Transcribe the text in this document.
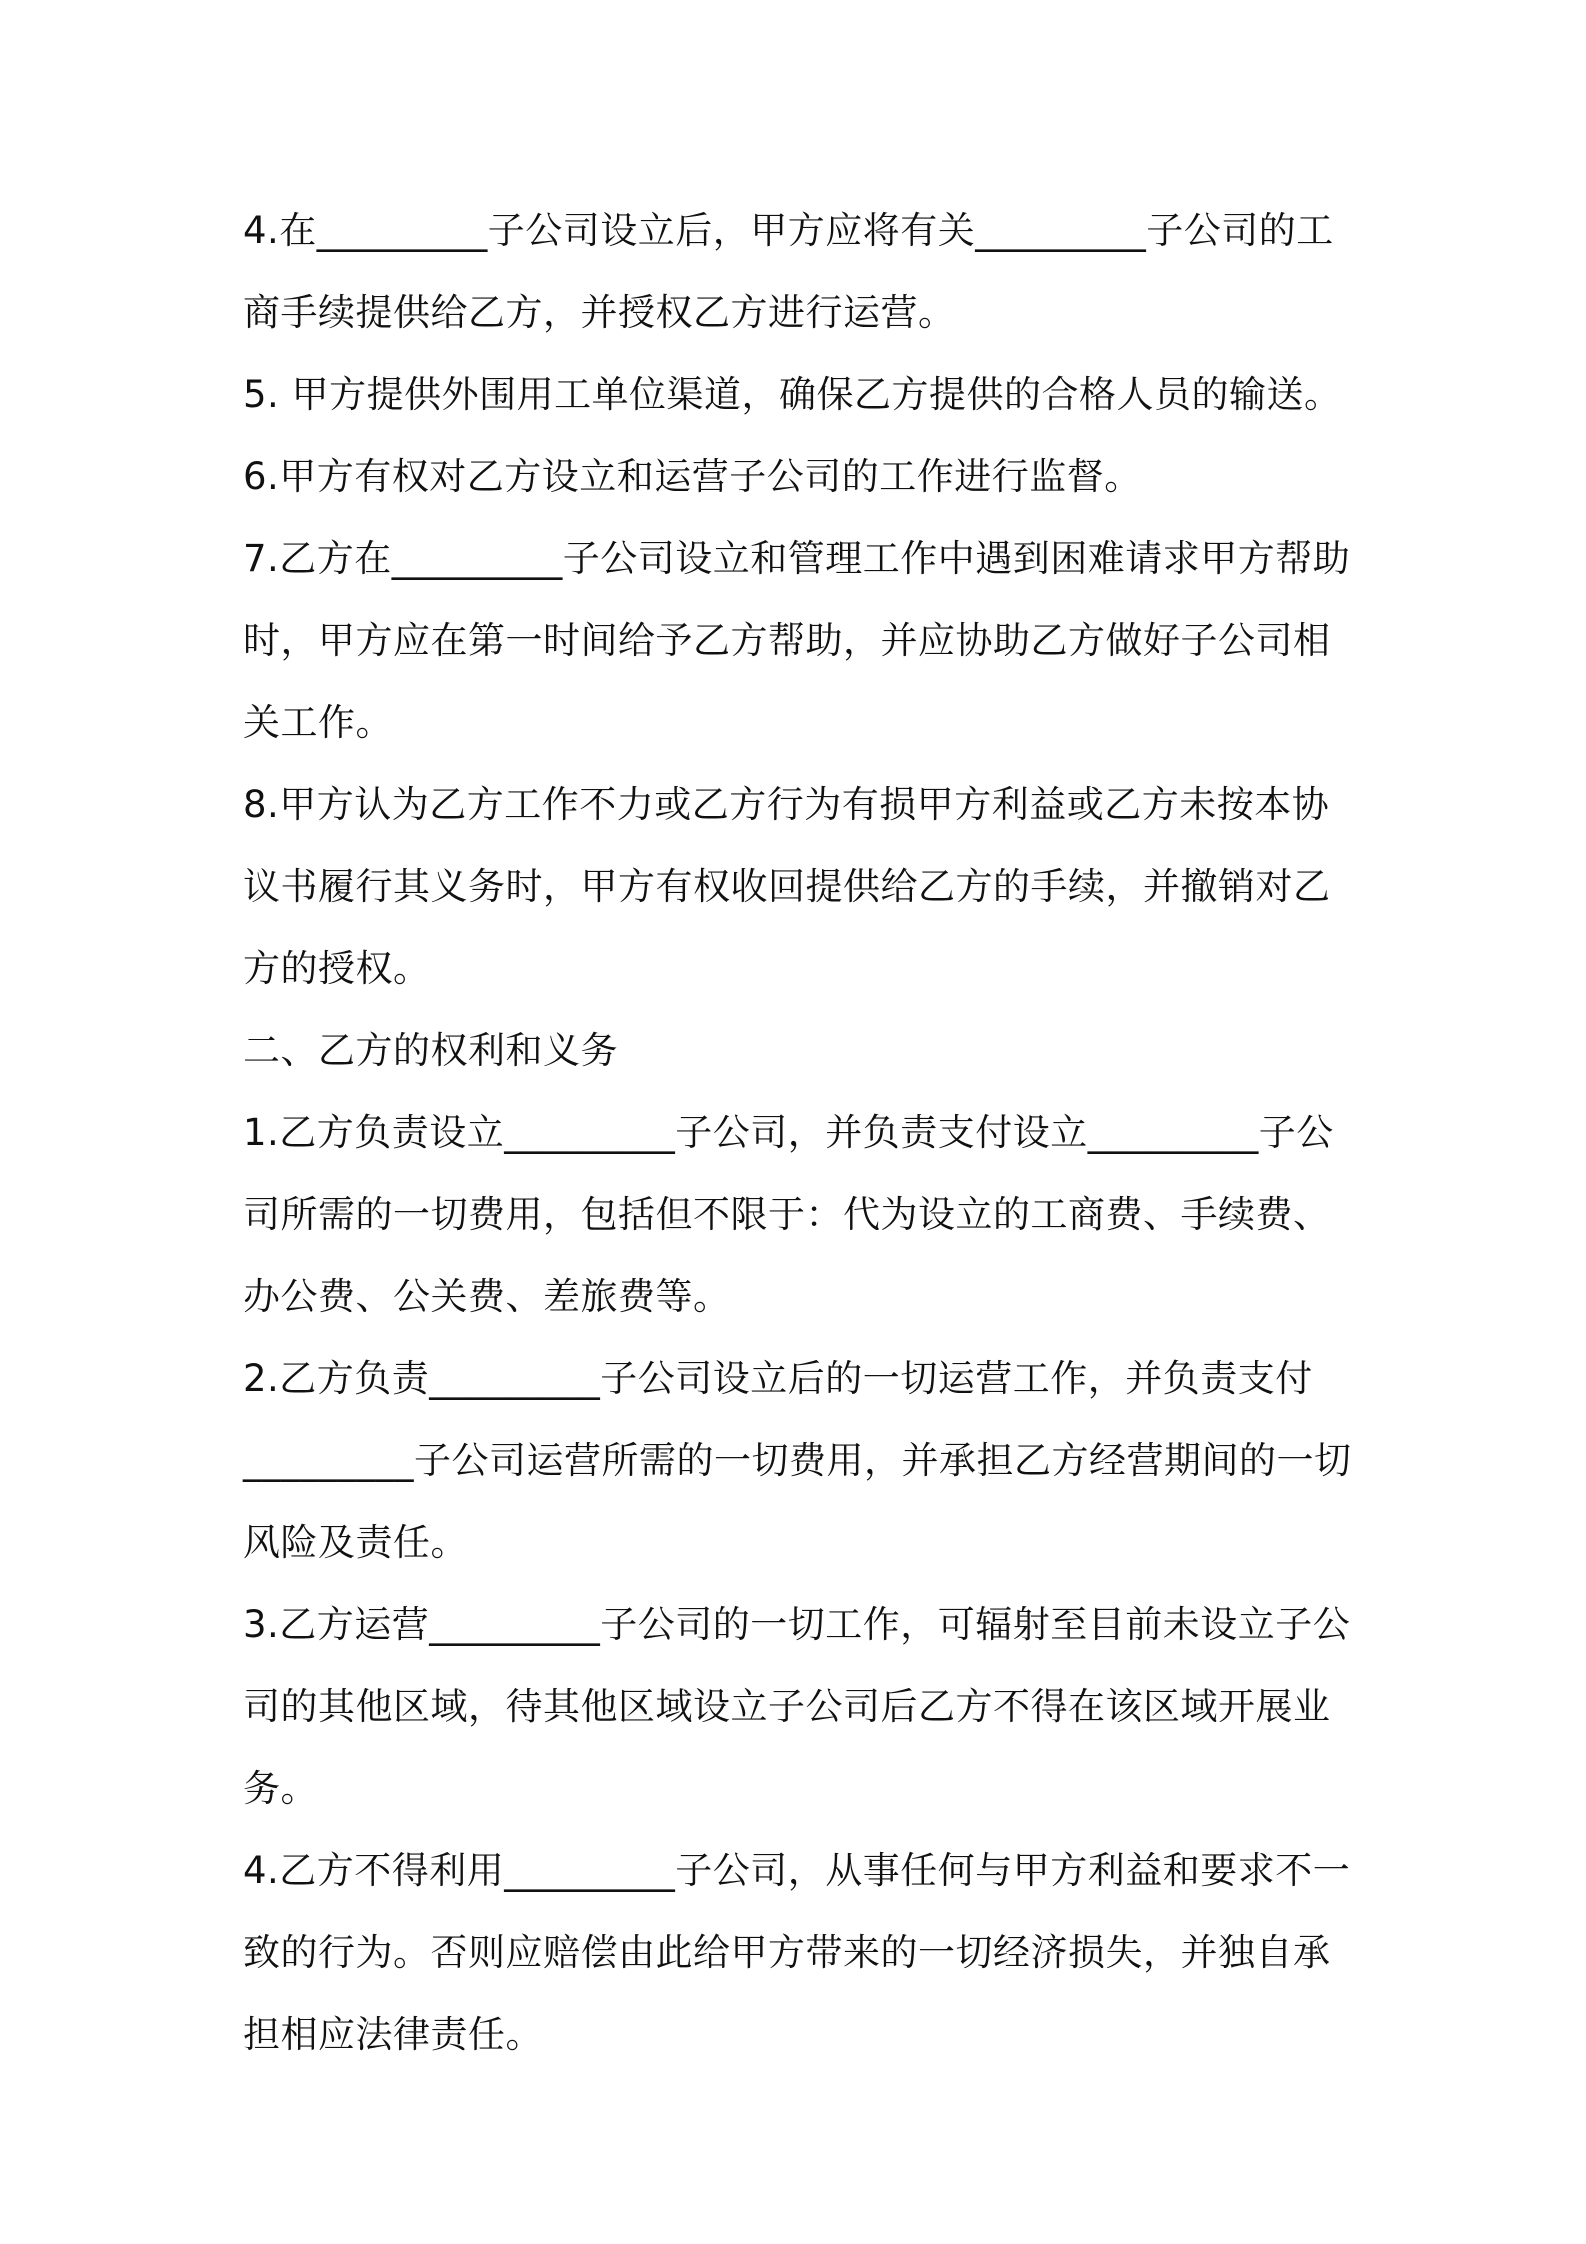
4.在_________子公司设立后，甲方应将有关_________子公司的工商手续提供给乙方，并授权乙方进行运营。

5. 甲方提供外围用工单位渠道，确保乙方提供的合格人员的输送。

6.甲方有权对乙方设立和运营子公司的工作进行监督。

7.乙方在_________子公司设立和管理工作中遇到困难请求甲方帮助时，甲方应在第一时间给予乙方帮助，并应协助乙方做好子公司相关工作。

8.甲方认为乙方工作不力或乙方行为有损甲方利益或乙方未按本协议书履行其义务时，甲方有权收回提供给乙方的手续，并撤销对乙方的授权。

二、乙方的权利和义务

1.乙方负责设立_________子公司，并负责支付设立_________子公司所需的一切费用，包括但不限于：代为设立的工商费、手续费、办公费、公关费、差旅费等。

2.乙方负责_________子公司设立后的一切运营工作，并负责支付_________子公司运营所需的一切费用，并承担乙方经营期间的一切风险及责任。

3.乙方运营_________子公司的一切工作，可辐射至目前未设立子公司的其他区域，待其他区域设立子公司后乙方不得在该区域开展业务。

4.乙方不得利用_________子公司，从事任何与甲方利益和要求不一致的行为。否则应赔偿由此给甲方带来的一切经济损失，并独自承担相应法律责任。
